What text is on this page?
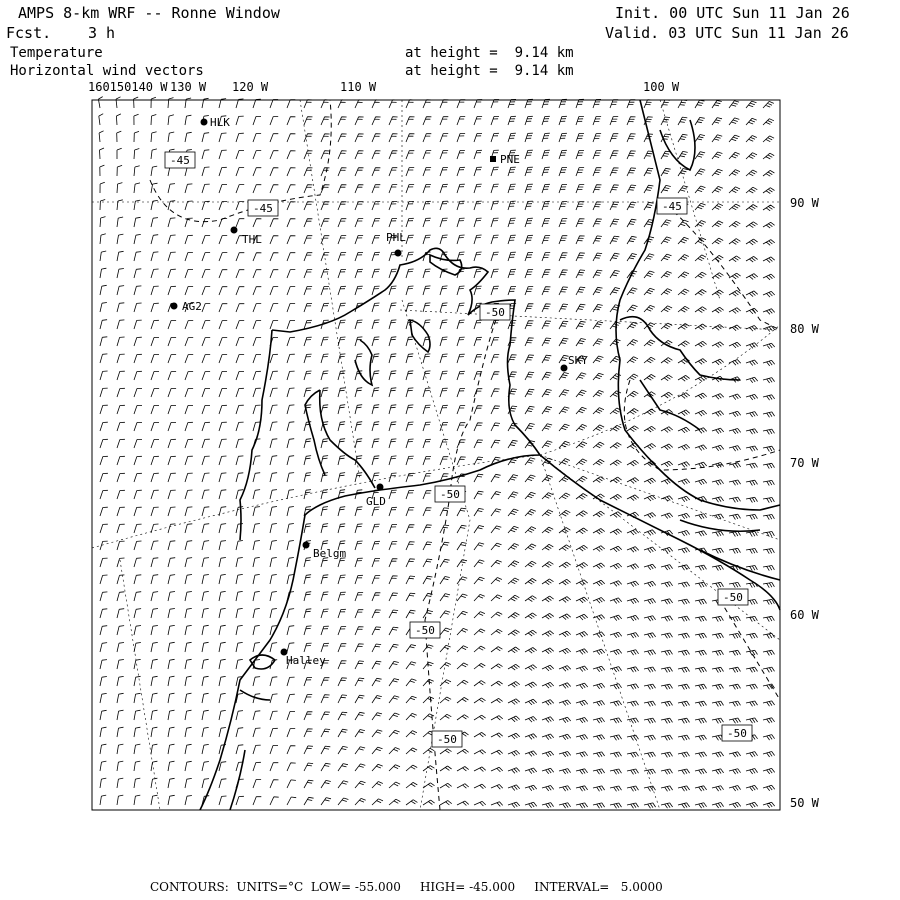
AMPS 8-km WRF -- Ronne Window
Fcst. 3 h
Init. 00 UTC Sun 11 Jan 26
Valid. 03 UTC Sun 11 Jan 26
Temperature
Horizontal wind vectors
at height =  9.14 km
at height =  9.14 km
160150140 W 130 W 120 W	110 W	100 W
90 W
80 W
70 W
60 W
50 W
HLK
PNE
THL	PHL
AG2
SKY
GLD
Belgm
Halley
-45
-45	-45
-50
-50
-50
-50
-50	-50
CONTOURS:  UNITS=°C  LOW= -55.000     HIGH= -45.000     INTERVAL=   5.0000
